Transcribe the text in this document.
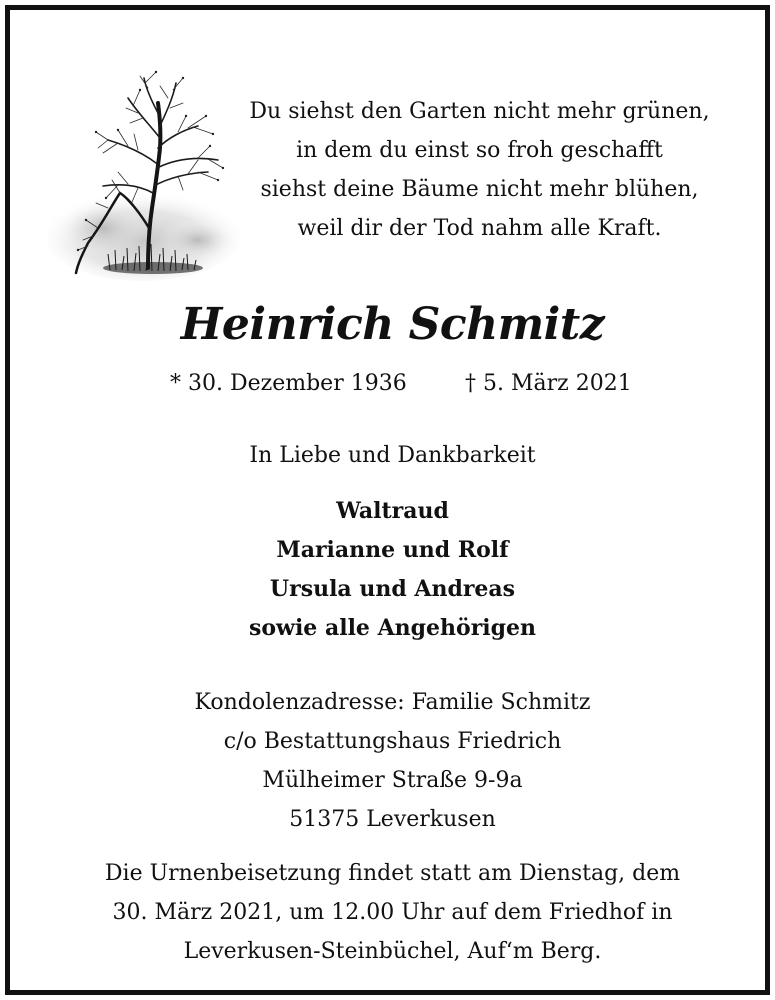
Du siehst den Garten nicht mehr grünen,
in dem du einst so froh geschafft
siehst deine Bäume nicht mehr blühen,
weil dir der Tod nahm alle Kraft.
Heinrich Schmitz
* 30. Dezember 1936	† 5. März 2021
In Liebe und Dankbarkeit
Waltraud
Marianne und Rolf
Ursula und Andreas
sowie alle Angehörigen
Kondolenzadresse: Familie Schmitz
c/o Bestattungshaus Friedrich
Mülheimer Straße 9-9a
51375 Leverkusen
Die Urnenbeisetzung findet statt am Dienstag, dem
30. März 2021, um 12.00 Uhr auf dem Friedhof in
Leverkusen-Steinbüchel, Auf‘m Berg.
